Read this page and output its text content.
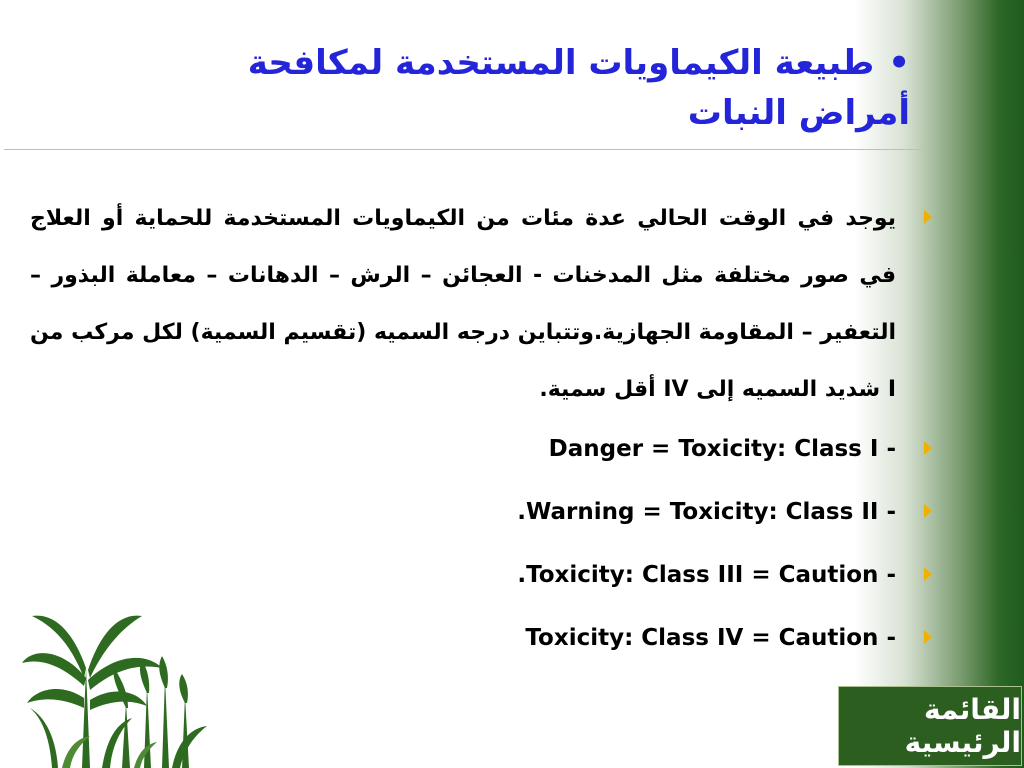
•طبيعة الكيماويات المستخدمة لمكافحة أمراض النبات
يوجد في الوقت الحالي عدة مئات من الكيماويات المستخدمة للحماية أو العلاج في صور مختلفة مثل المدخنات - العجائن – الرش – الدهانات – معاملة البذور – التعفير – المقاومة الجهازية.وتتباين درجه السميه (تقسيم السمية) لكل مركب من I شديد السميه إلى IV أقل سمية.
- Danger = Toxicity: Class I
- Warning = Toxicity: Class II.
- Toxicity: Class III = Caution.
- Toxicity: Class IV = Caution
القائمة الرئيسية
